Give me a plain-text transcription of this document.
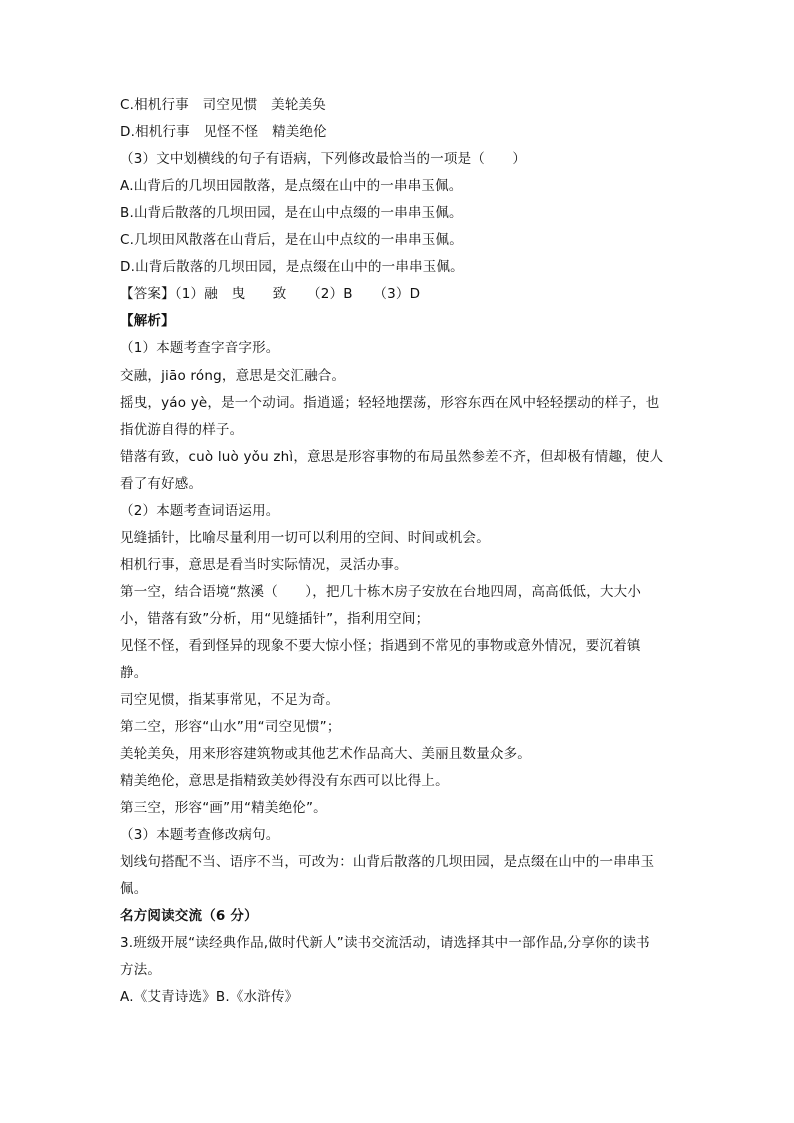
C.相机行事　司空见惯　美轮美奂
D.相机行事　见怪不怪　精美绝伦
（3）文中划横线的句子有语病，下列修改最恰当的一项是（　　）
A.山背后的几坝田园散落，是点缀在山中的一串串玉佩。
B.山背后散落的几坝田园，是在山中点缀的一串串玉佩。
C.几坝田风散落在山背后，是在山中点纹的一串串玉佩。
D.山背后散落的几坝田园，是点缀在山中的一串串玉佩。
【答案】（1）融　曳　　致　　（2）B　　（3）D
【解析】
（1）本题考查字音字形。
交融，jiāo róng，意思是交汇融合。
摇曳，yáo yè，是一个动词。指逍遥；轻轻地摆荡，形容东西在风中轻轻摆动的样子，也
指优游自得的样子。
错落有致，cuò luò yǒu zhì，意思是形容事物的布局虽然参差不齐，但却极有情趣，使人
看了有好感。
（2）本题考查词语运用。
见缝插针，比喻尽量利用一切可以利用的空间、时间或机会。
相机行事，意思是看当时实际情况，灵活办事。
第一空，结合语境“熬溪（　　），把几十栋木房子安放在台地四周，高高低低，大大小
小，错落有致”分析，用“见缝插针”，指利用空间；
见怪不怪，看到怪异的现象不要大惊小怪；指遇到不常见的事物或意外情况，要沉着镇
静。
司空见惯，指某事常见，不足为奇。
第二空，形容“山水”用“司空见惯”；
美轮美奂，用来形容建筑物或其他艺术作品高大、美丽且数量众多。
精美绝伦，意思是指精致美妙得没有东西可以比得上。
第三空，形容“画”用“精美绝伦”。
（3）本题考查修改病句。
划线句搭配不当、语序不当，可改为：山背后散落的几坝田园，是点缀在山中的一串串玉
佩。
名方阅读交流（6 分）
3.班级开展“读经典作品,做时代新人”读书交流活动，请选择其中一部作品,分享你的读书
方法。
A.《艾青诗选》B.《水浒传》
